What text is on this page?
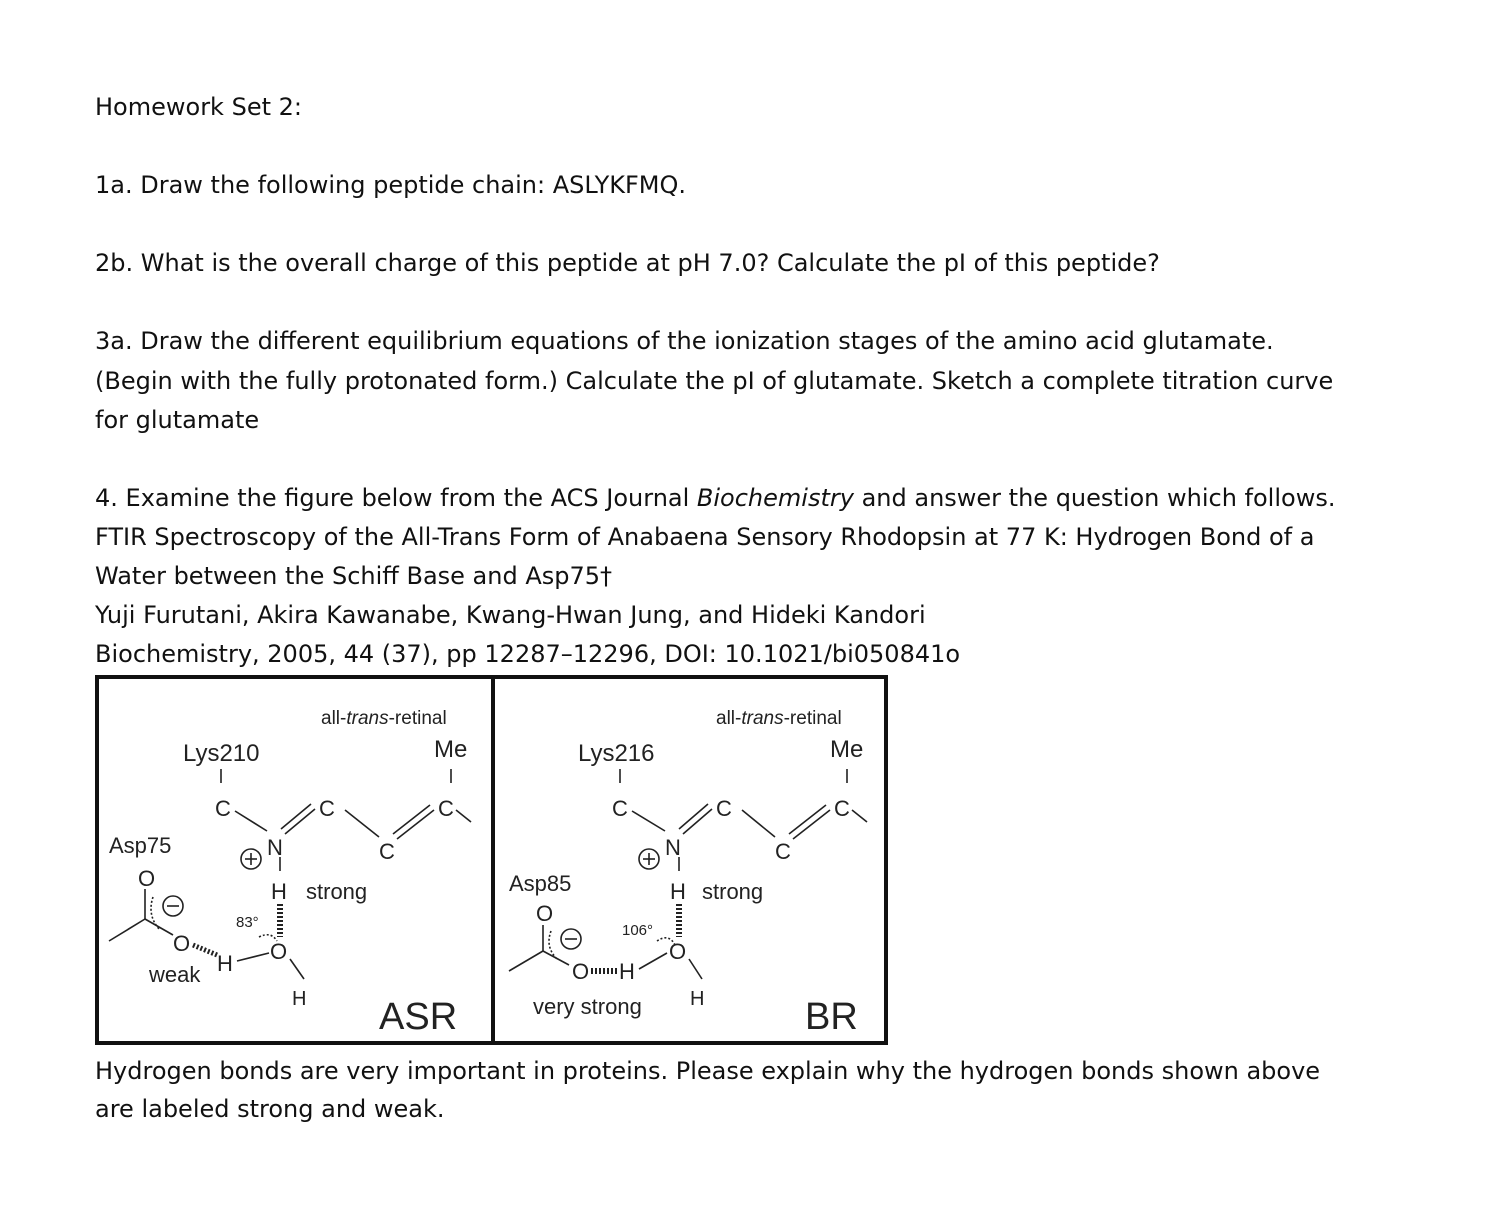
Homework Set 2:
1a. Draw the following peptide chain: ASLYKFMQ.
2b. What is the overall charge of this peptide at pH 7.0? Calculate the pI of this peptide?
3a. Draw the different equilibrium equations of the ionization stages of the amino acid glutamate.
(Begin with the fully protonated form.) Calculate the pI of glutamate. Sketch a complete titration curve
for glutamate
4. Examine the figure below from the ACS Journal Biochemistry and answer the question which follows.
FTIR Spectroscopy of the All-Trans Form of Anabaena Sensory Rhodopsin at 77 K: Hydrogen Bond of a
Water between the Schiff Base and Asp75†
Yuji Furutani, Akira Kawanabe, Kwang-Hwan Jung, and Hideki Kandori
Biochemistry, 2005, 44 (37), pp 12287–12296, DOI: 10.1021/bi050841o
Hydrogen bonds are very important in proteins. Please explain why the hydrogen bonds shown above
are labeled strong and weak.
all-trans-retinal
Me
Lys210
Asp75
C
N
C
C
C
H strong
O
H
83°
O
O
H
weak
ASR
all-trans-retinal
Me
Lys216
Asp85
C
N
C
C
C
H strong
O
H
106°
O
O H
very strong	BR
